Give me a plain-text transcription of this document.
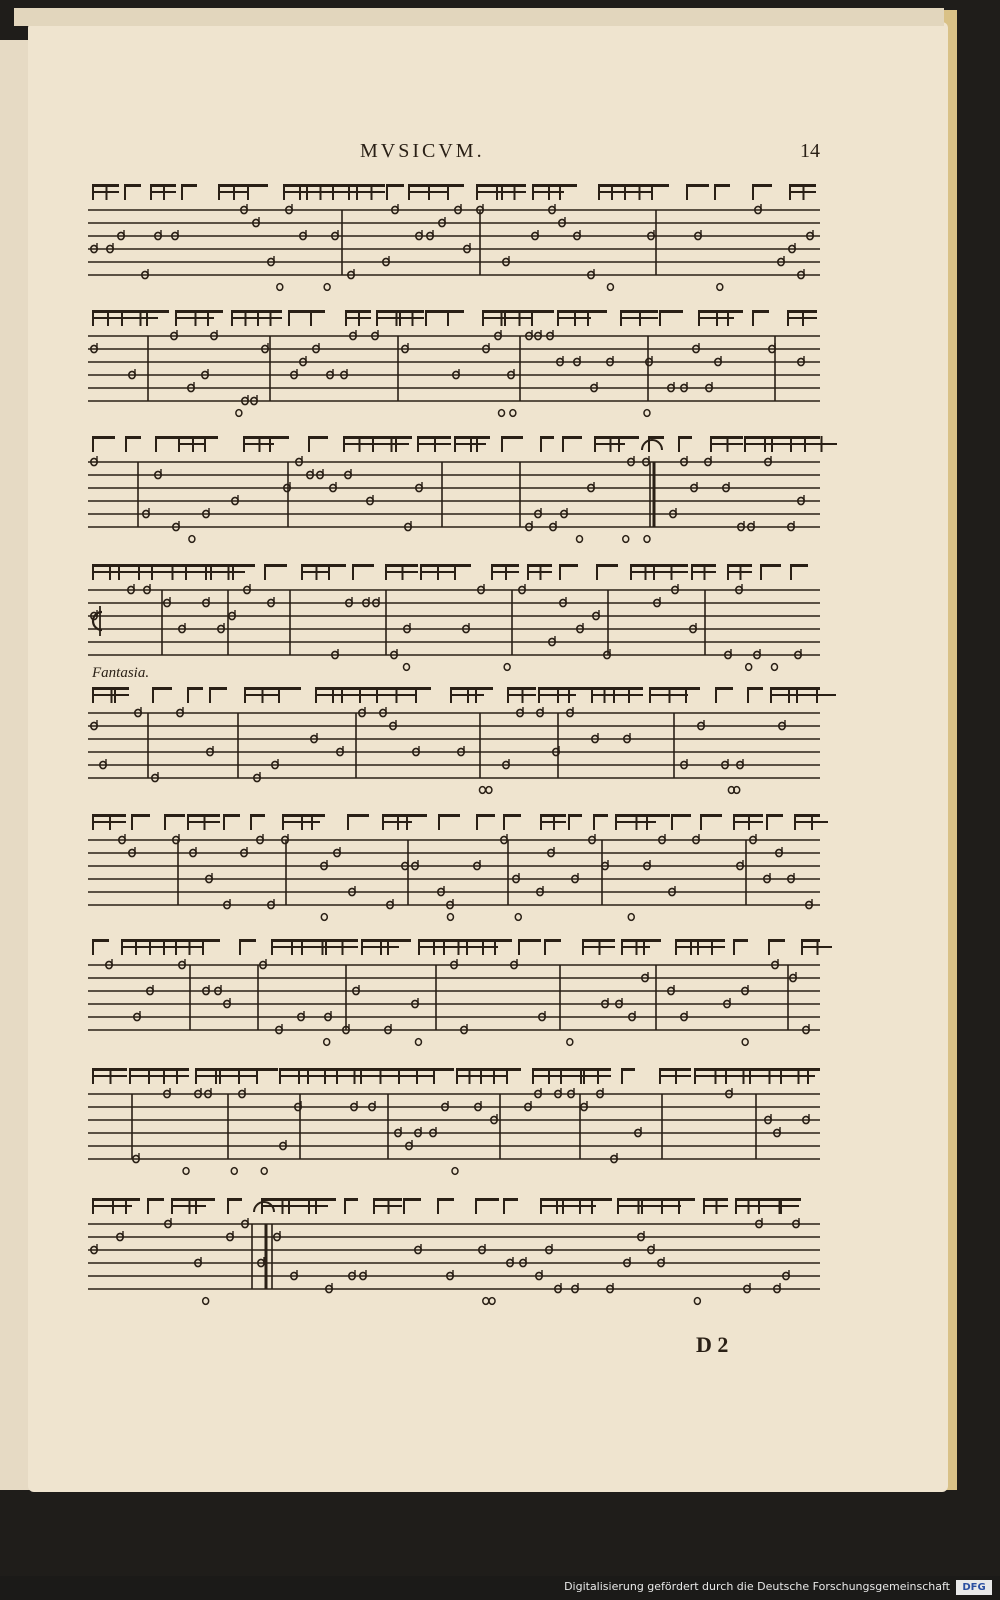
MVSICVM.	14
Fantasia.
D 2
Digitalisierung gefördert durch die Deutsche Forschungsgemeinschaft	DFG
